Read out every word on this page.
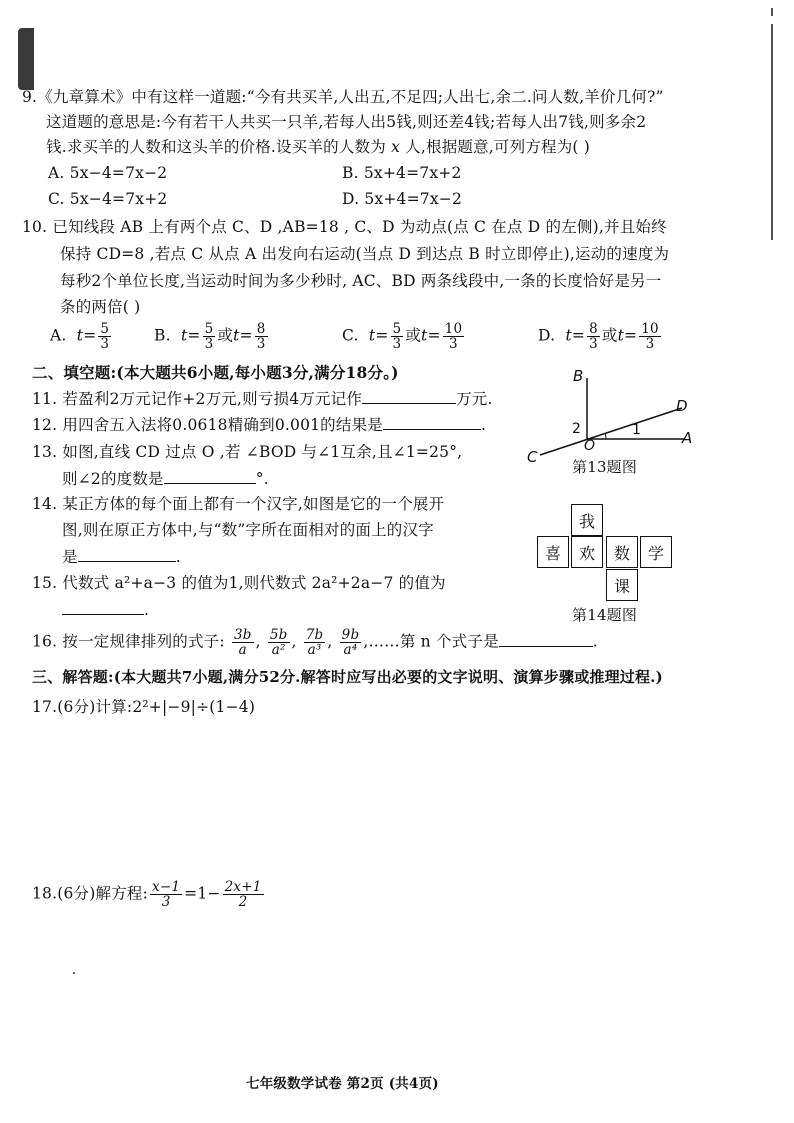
9.《九章算术》中有这样一道题:“今有共买羊,人出五,不足四;人出七,余二.问人数,羊价几何?”
这道题的意思是:今有若干人共买一只羊,若每人出5钱,则还差4钱;若每人出7钱,则多余2
钱.求买羊的人数和这头羊的价格.设买羊的人数为 x 人,根据题意,可列方程为( )
A. 5x−4=7x−2	B. 5x+4=7x+2
C. 5x−4=7x+2	D. 5x+4=7x−2
10. 已知线段 AB 上有两个点 C、D ,AB=18 , C、D 为动点(点 C 在点 D 的左侧),并且始终
保持 CD=8 ,若点 C 从点 A 出发向右运动(当点 D 到达点 B 时立即停止),运动的速度为
每秒2个单位长度,当运动时间为多少秒时, AC、BD 两条线段中,一条的长度恰好是另一
条的两倍( )
A. $t= \frac{5}{3}$	B. $t= \frac{5}{3}$ 或$t= \frac{8}{3}$	C. $t= \frac{5}{3}$ 或$t= \frac{10}{3}$	D. $t= \frac{8}{3}$ 或$t= \frac{10}{3}$
二、填空题:(本大题共6小题,每小题3分,满分18分。)
11. 若盈利2万元记作+2万元,则亏损4万元记作	万元.
12. 用四舍五入法将0.0618精确到0.001的结果是	.
13. 如图,直线 CD 过点 O ,若 ∠BOD 与∠1互余,且∠1=25°,
则∠2的度数是	°.
14. 某正方体的每个面上都有一个汉字,如图是它的一个展开
图,则在原正方体中,与“数”字所在面相对的面上的汉字
是	.
15. 代数式 a²+a−3 的值为1,则代数式 2a²+2a−7 的值为
.
16. 按一定规律排列的式子: $\frac{3b}{a}$ , $\frac{5b}{\text{a²}}$ , $\frac{7b}{\text{a³}}$ , $\frac{9b}{\text{a⁴}}$ ,……第 n 个式子是	.
B
D
A
C
O
2	1
第13题图
我
喜	欢	数	学
课
第14题图
三、解答题:(本大题共7小题,满分52分.解答时应写出必要的文字说明、演算步骤或推理过程.)
17.(6分)计算:2²+|−9|÷(1−4)
18.(6分)解方程: $\frac{x-1}{3} =1- \frac{2x+1}{2}$
七年级数学试卷 第2页 (共4页)
